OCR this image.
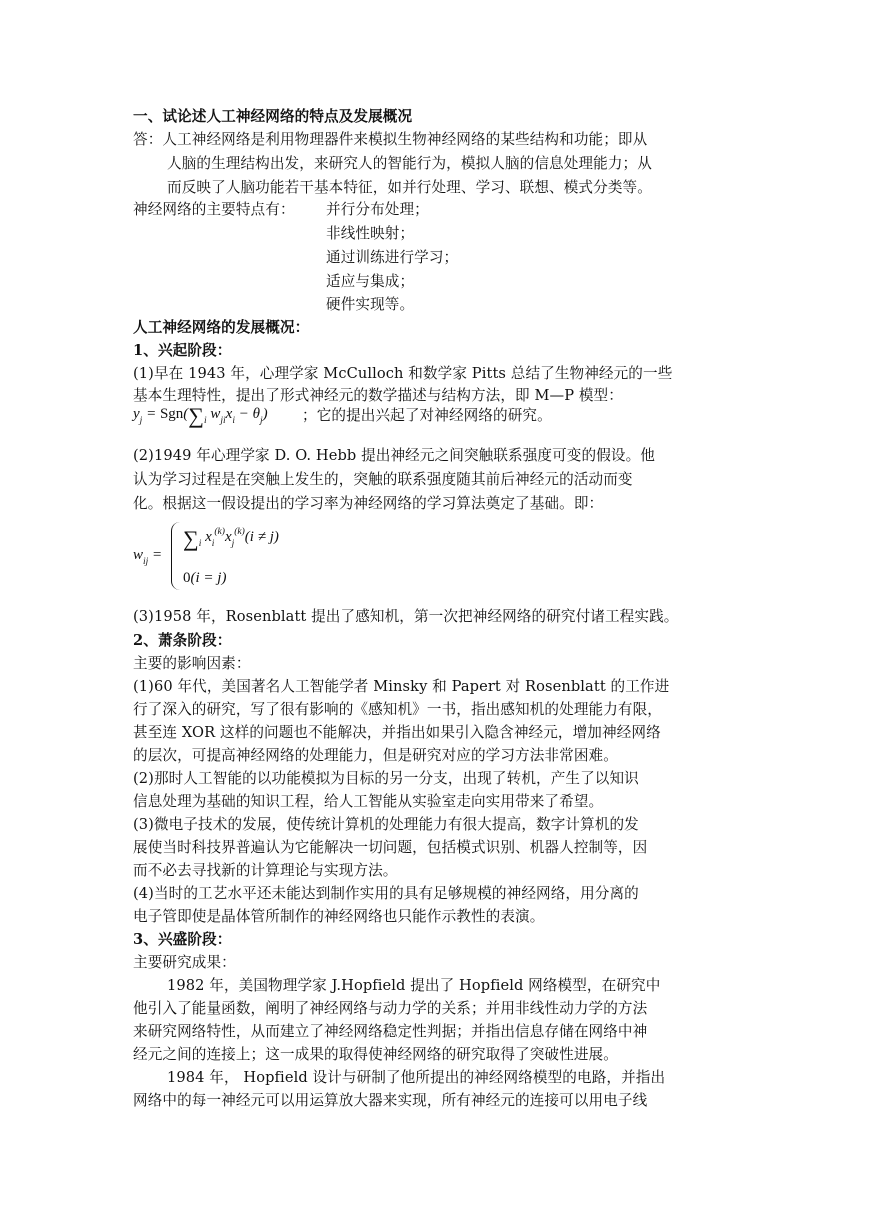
一、试论述人工神经网络的特点及发展概况
答：人工神经网络是利用物理器件来模拟生物神经网络的某些结构和功能；即从
人脑的生理结构出发，来研究人的智能行为，模拟人脑的信息处理能力；从
而反映了人脑功能若干基本特征，如并行处理、学习、联想、模式分类等。
神经网络的主要特点有： 并行分布处理；
非线性映射；
通过训练进行学习；
适应与集成；
硬件实现等。
人工神经网络的发展概况：
1、兴起阶段：
(1)早在 1943 年，心理学家 McCulloch 和数学家 Pitts 总结了生物神经元的一些
基本生理特性，提出了形式神经元的数学描述与结构方法，即 M—P 模型：
$y_j = Sgn(\sum_i$ $w_{ji}x_i - \theta_j$) ；它的提出兴起了对神经网络的研究。
(2)1949 年心理学家 D. O. Hebb 提出神经元之间突触联系强度可变的假设。他
认为学习过程是在突触上发生的，突触的联系强度随其前后神经元的活动而变
化。根据这一假设提出的学习率为神经网络的学习算法奠定了基础。即：
$w_{ij}$ =
$\sum_i$ $x_i^{(k)}x_j^{(k)}(i \ne j)$
0(i = j)
(3)1958 年，Rosenblatt 提出了感知机，第一次把神经网络的研究付诸工程实践。
2、萧条阶段：
主要的影响因素：
(1)60 年代，美国著名人工智能学者 Minsky 和 Papert 对 Rosenblatt 的工作进
行了深入的研究，写了很有影响的《感知机》一书，指出感知机的处理能力有限，
甚至连 XOR 这样的问题也不能解决，并指出如果引入隐含神经元，增加神经网络
的层次，可提高神经网络的处理能力，但是研究对应的学习方法非常困难。
(2)那时人工智能的以功能模拟为目标的另一分支，出现了转机，产生了以知识
信息处理为基础的知识工程，给人工智能从实验室走向实用带来了希望。
(3)微电子技术的发展，使传统计算机的处理能力有很大提高，数字计算机的发
展使当时科技界普遍认为它能解决一切问题，包括模式识别、机器人控制等，因
而不必去寻找新的计算理论与实现方法。
(4)当时的工艺水平还未能达到制作实用的具有足够规模的神经网络，用分离的
电子管即使是晶体管所制作的神经网络也只能作示教性的表演。
3、兴盛阶段：
主要研究成果：
1982 年，美国物理学家 J.Hopfield 提出了 Hopfield 网络模型，在研究中
他引入了能量函数，阐明了神经网络与动力学的关系；并用非线性动力学的方法
来研究网络特性，从而建立了神经网络稳定性判据；并指出信息存储在网络中神
经元之间的连接上；这一成果的取得使神经网络的研究取得了突破性进展。
1984 年， Hopfield 设计与研制了他所提出的神经网络模型的电路，并指出
网络中的每一神经元可以用运算放大器来实现，所有神经元的连接可以用电子线
